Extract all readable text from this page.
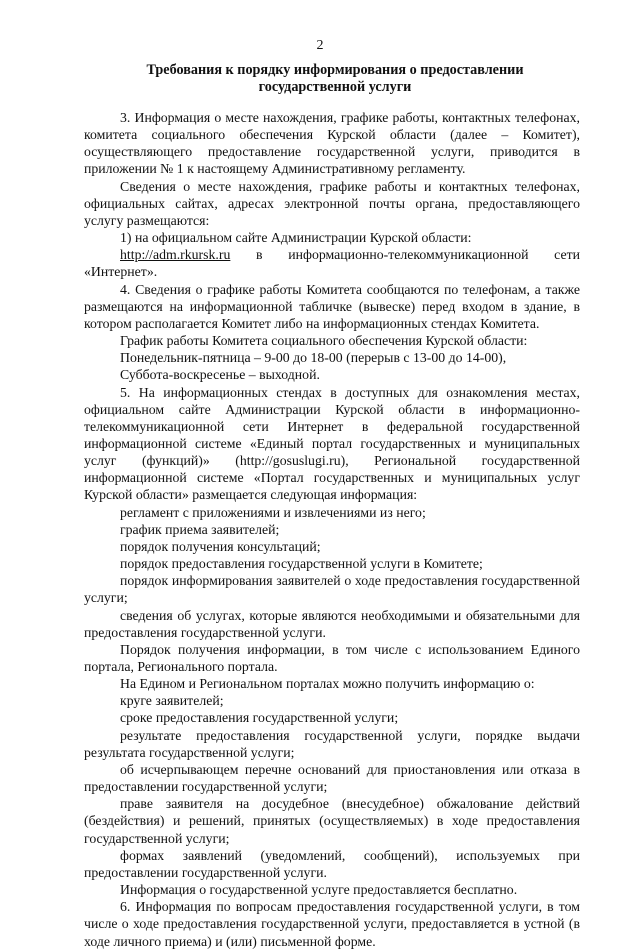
2
Требования к порядку информирования о предоставлении государственной услуги

3. Информация о месте нахождения, графике работы, контактных телефонах, комитета социального обеспечения Курской области (далее – Комитет), осуществляющего предоставление государственной услуги, приводится в приложении № 1 к настоящему Административному регламенту.

Сведения о месте нахождения, графике работы и контактных телефонах, официальных сайтах, адресах электронной почты органа, предоставляющего услугу размещаются:

1) на официальном сайте Администрации Курской области:

http://adm.rkursk.ru в информационно-телекоммуникационной сети «Интернет».

4. Сведения о графике работы Комитета сообщаются по телефонам, а также размещаются на информационной табличке (вывеске) перед входом в здание, в котором располагается Комитет либо на информационных стендах Комитета.

График работы Комитета социального обеспечения Курской области:

Понедельник-пятница – 9-00 до 18-00 (перерыв с 13-00 до 14-00),

Суббота-воскресенье – выходной.

5. На информационных стендах в доступных для ознакомления местах, официальном сайте Администрации Курской области в информационно-телекоммуникационной сети Интернет в федеральной государственной информационной системе «Единый портал государственных и муниципальных услуг (функций)» (http://gosuslugi.ru), Региональной государственной информационной системе «Портал государственных и муниципальных услуг Курской области» размещается следующая информация:

регламент с приложениями и извлечениями из него;

график приема заявителей;

порядок получения консультаций;

порядок предоставления государственной услуги в Комитете;

порядок информирования заявителей о ходе предоставления государственной услуги;

сведения об услугах, которые являются необходимыми и обязательными для предоставления государственной услуги.

Порядок получения информации, в том числе с использованием Единого портала, Регионального портала.

На Едином и Региональном порталах можно получить информацию о:

круге заявителей;

сроке предоставления государственной услуги;

результате предоставления государственной услуги, порядке выдачи результата государственной услуги;

об исчерпывающем перечне оснований для приостановления или отказа в предоставлении государственной услуги;

праве заявителя на досудебное (внесудебное) обжалование действий (бездействия) и решений, принятых (осуществляемых) в ходе предоставления государственной услуги;

формах заявлений (уведомлений, сообщений), используемых при предоставлении государственной услуги.

Информация о государственной услуге предоставляется бесплатно.

6. Информация по вопросам предоставления государственной услуги, в том числе о ходе предоставления государственной услуги, предоставляется в устной (в ходе личного приема) и (или) письменной форме.
